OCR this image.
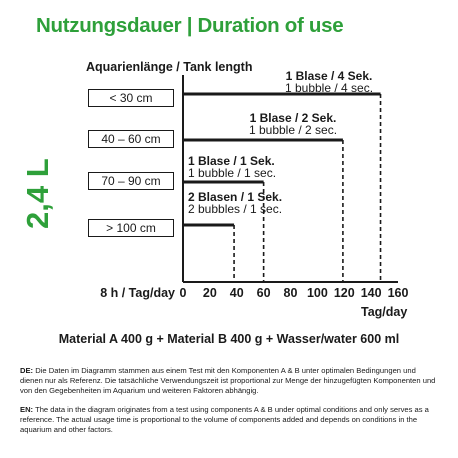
Nutzungsdauer | Duration of use
Aquarienlänge / Tank length
2,4 L
0 20 40 60 80 100 120 140 160
< 30 cm
40 – 60 cm
70 – 90 cm
> 100 cm
1 Blase / 4 Sek.
1 bubble / 4 sec.
1 Blase / 2 Sek.
1 bubble / 2 sec.
1 Blase / 1 Sek.
1 bubble / 1 sec.
2 Blasen / 1 Sek.
2 bubbles / 1 sec.
8 h / Tag/day
Tag/day
Material A 400 g + Material B 400 g + Wasser/water 600 ml
DE: Die Daten im Diagramm stammen aus einem Test mit den Komponenten A & B unter optimalen Bedingungen und dienen nur als Referenz. Die tatsächliche Verwendungszeit ist proportional zur Menge der hinzugefügten Komponenten und von den Gegebenheiten im Aquarium und weiteren Faktoren abhängig.
EN: The data in the diagram originates from a test using components A & B under optimal conditions and only serves as a reference. The actual usage time is proportional to the volume of components added and depends on conditions in the aquarium and other factors.
